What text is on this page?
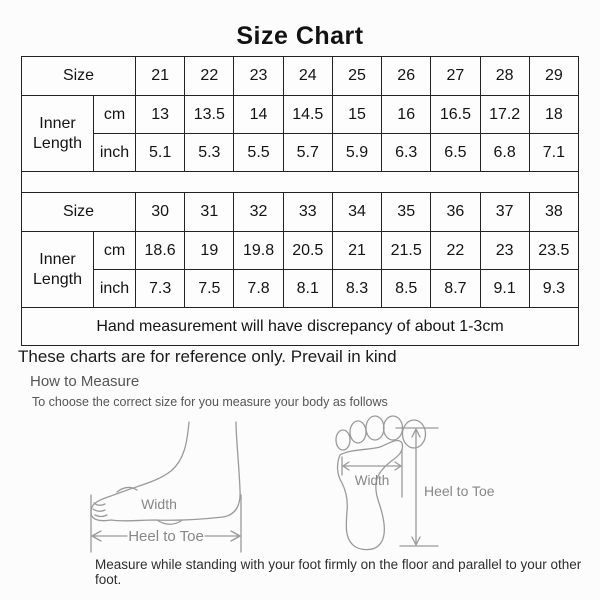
Size Chart
Size		21	22	23	24	25	26	27	28	29
Inner Length	cm	13	13.5	14	14.5	15	16	16.5	17.2	18
	inch	5.1	5.3	5.5	5.7	5.9	6.3	6.5	6.8	7.1

Size		30	31	32	33	34	35	36	37	38
Inner Length	cm	18.6	19	19.8	20.5	21	21.5	22	23	23.5
	inch	7.3	7.5	7.8	8.1	8.3	8.5	8.7	9.1	9.3
Hand measurement will have discrepancy of about 1-3cm										
These charts are for reference only. Prevail in kind
How to Measure
To choose the correct size for you measure your body as follows
Width
Heel to Toe
Width
Heel to Toe
Measure while standing with your foot firmly on the floor and parallel to your other foot.
